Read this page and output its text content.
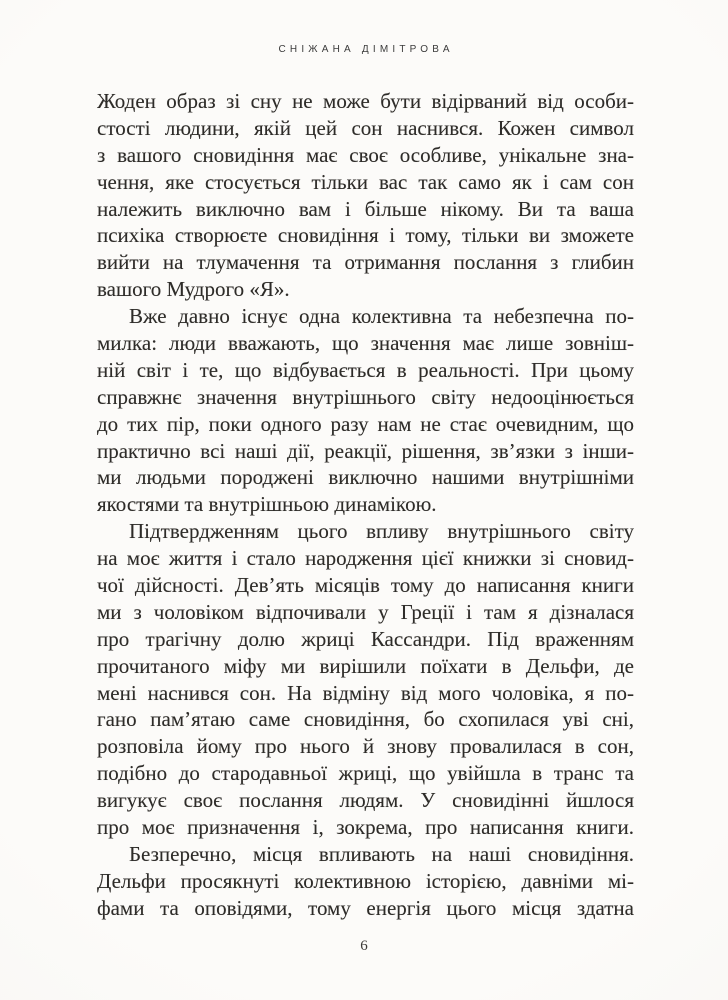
СНІЖАНА ДІМІТРОВА
Жоден образ зі сну не може бути відірваний від особи-
стості людини, якій цей сон наснився. Кожен символ
з вашого сновидіння має своє особливе, унікальне зна-
чення, яке стосується тільки вас так само як і сам сон
належить виключно вам і більше нікому. Ви та ваша
психіка створюєте сновидіння і тому, тільки ви зможете
вийти на тлумачення та отримання послання з глибин
вашого Мудрого «Я».
Вже давно існує одна колективна та небезпечна по-
милка: люди вважають, що значення має лише зовніш-
ній світ і те, що відбувається в реальності. При цьому
справжнє значення внутрішнього світу недооцінюється
до тих пір, поки одного разу нам не стає очевидним, що
практично всі наші дії, реакції, рішення, зв’язки з інши-
ми людьми породжені виключно нашими внутрішніми
якостями та внутрішньою динамікою.
Підтвердженням цього впливу внутрішнього світу
на моє життя і стало народження цієї книжки зі сновид-
чої дійсності. Дев’ять місяців тому до написання книги
ми з чоловіком відпочивали у Греції і там я дізналася
про трагічну долю жриці Кассандри. Під враженням
прочитаного міфу ми вирішили поїхати в Дельфи, де
мені наснився сон. На відміну від мого чоловіка, я по-
гано пам’ятаю саме сновидіння, бо схопилася уві сні,
розповіла йому про нього й знову провалилася в сон,
подібно до стародавньої жриці, що увійшла в транс та
вигукує своє послання людям. У сновидінні йшлося
про моє призначення і, зокрема, про написання книги.
Безперечно, місця впливають на наші сновидіння.
Дельфи просякнуті колективною історією, давніми мі-
фами та оповідями, тому енергія цього місця здатна
6
